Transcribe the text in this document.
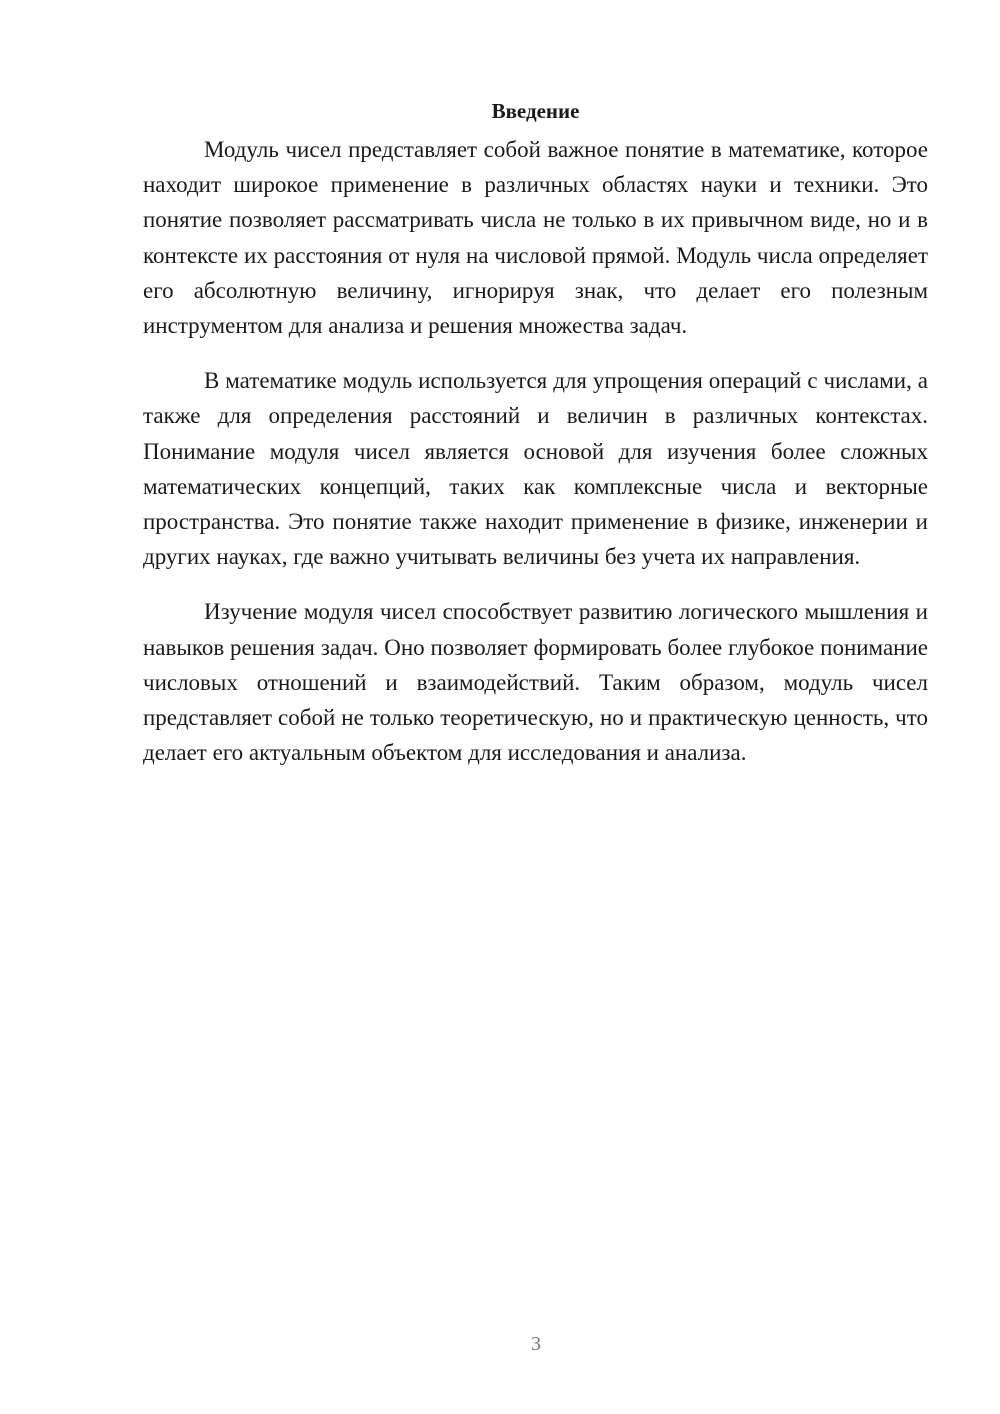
Введение

Модуль чисел представляет собой важное понятие в математике, которое находит широкое применение в различных областях науки и техники. Это понятие позволяет рассматривать числа не только в их привычном виде, но и в контексте их расстояния от нуля на числовой прямой. Модуль числа определяет его абсолютную величину, игнорируя знак, что делает его полезным инструментом для анализа и решения множества задач.

В математике модуль используется для упрощения операций с числами, а также для определения расстояний и величин в различных контекстах. Понимание модуля чисел является основой для изучения более сложных математических концепций, таких как комплексные числа и векторные пространства. Это понятие также находит применение в физике, инженерии и других науках, где важно учитывать величины без учета их направления.

Изучение модуля чисел способствует развитию логического мышления и навыков решения задач. Оно позволяет формировать более глубокое понимание числовых отношений и взаимодействий. Таким образом, модуль чисел представляет собой не только теоретическую, но и практическую ценность, что делает его актуальным объектом для исследования и анализа.

3
